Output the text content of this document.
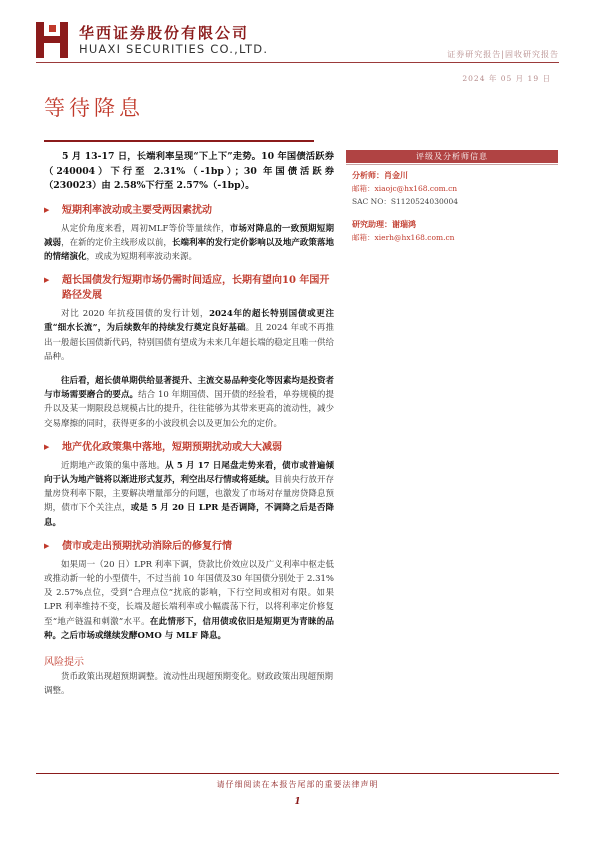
华西证券股份有限公司
HUAXI SECURITIES CO.,LTD.	证券研究报告|固收研究报告
2024 年 05 月 19 日
等待降息

5 月 13-17 日，长端利率呈现“下上下”走势。10 年国债活跃券（240004）下行至 2.31%（-1bp）；30 年国债活跃券（230023）由 2.58%下行至 2.57%（-1bp）。

▶	短期利率波动或主要受两因素扰动

从定价角度来看，周初MLF等价等量续作，市场对降息的一致预期短期减弱，在新的定价主线形成以前，长端利率的发行定价影响以及地产政策落地的情绪演化，或成为短期利率波动来源。

▶	超长国债发行短期市场仍需时间适应，长期有望向10 年国开路径发展

对比 2020 年抗疫国债的发行计划，2024年的超长特别国债或更注重“细水长流”，为后续数年的持续发行奠定良好基础。且 2024 年或不再推出一般超长国债新代码，特别国债有望成为未来几年超长端的稳定且唯一供给品种。

往后看，超长债单期供给显著提升、主流交易品种变化等因素均是投资者与市场需要磨合的要点。结合 10 年期国债、国开债的经验看，单券规模的提升以及某一期限段总规模占比的提升，往往能够为其带来更高的流动性，减少交易摩擦的同时，获得更多的小波段机会以及更加公允的定价。

▶	地产优化政策集中落地，短期预期扰动或大大减弱

近期地产政策的集中落地。从 5 月 17 日尾盘走势来看，债市或普遍倾向于认为地产链将以渐进形式复苏，利空出尽行情或将延续。目前央行放开存量房贷利率下限，主要解决增量部分的问题，也激发了市场对存量房贷降息预期，债市下个关注点，或是 5 月 20 日 LPR 是否调降，不调降之后是否降息。

▶	债市或走出预期扰动消除后的修复行情

如果周一（20 日）LPR 利率下调，贷款比价效应以及广义利率中枢走低或推动新一轮的小型债牛，不过当前 10 年国债及30 年国债分别处于 2.31%及 2.57%点位，受到“合理点位”扰底的影响，下行空间或相对有限。如果 LPR 利率维持不变，长端及超长端利率或小幅震荡下行，以将利率定价修复至“地产链温和刺激”水平。在此情形下，信用债或依旧是短期更为青睐的品种。之后市场或继续发酵OMO 与 MLF 降息。

风险提示

货币政策出现超预期调整。流动性出现超预期变化。财政政策出现超预期调整。

评级及分析师信息
分析师：肖金川
邮箱：xiaojc@hx168.com.cn
SAC NO：S1120524030004
研究助理：谢瑞鸿
邮箱：xierh@hx168.com.cn
请仔细阅读在本报告尾部的重要法律声明
1
